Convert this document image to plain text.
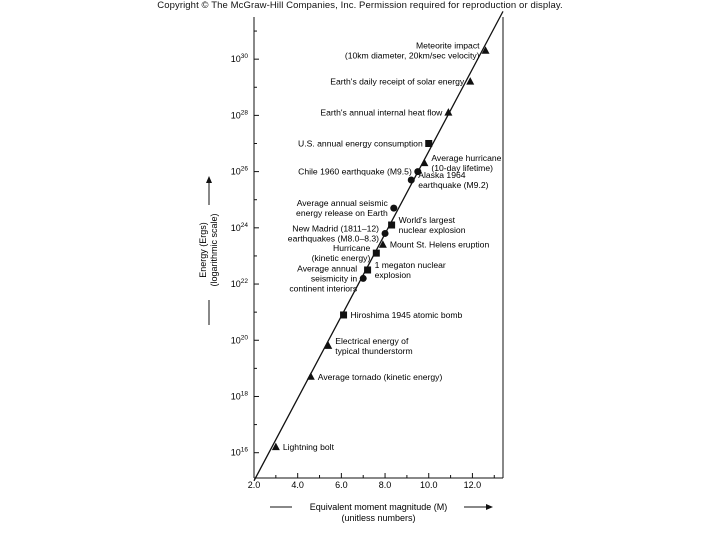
Copyright © The McGraw-Hill Companies, Inc. Permission required for reproduction or display.
2.0	4.0	6.0	8.0	10.0	12.0
$10^{16}$
$10^{18}$
$10^{20}$
$10^{22}$
$10^{24}$
$10^{26}$
$10^{28}$
$10^{30}$
Lightning bolt
Average tornado (kinetic energy)
Electrical energy of typical thunderstorm
Hiroshima 1945 atomic bomb
Average annual seismicity in continent interiors
1 megaton nuclear explosion
Hurricane (kinetic energy)
Mount St. Helens eruption
New Madrid (1811–12) earthquakes (M8.0–8.3)
World's largest nuclear explosion
Average annual seismic energy release on Earth
Alaska 1964 earthquake (M9.2)
Chile 1960 earthquake (M9.5)
Average hurricane (10-day lifetime)
U.S. annual energy consumption
Earth's annual internal heat flow
Earth's daily receipt of solar energy
Meteorite impact (10km diameter, 20km/sec velocity)
Equivalent moment magnitude (M)
(unitless numbers)
Energy (Ergs) (logarithmic scale)
